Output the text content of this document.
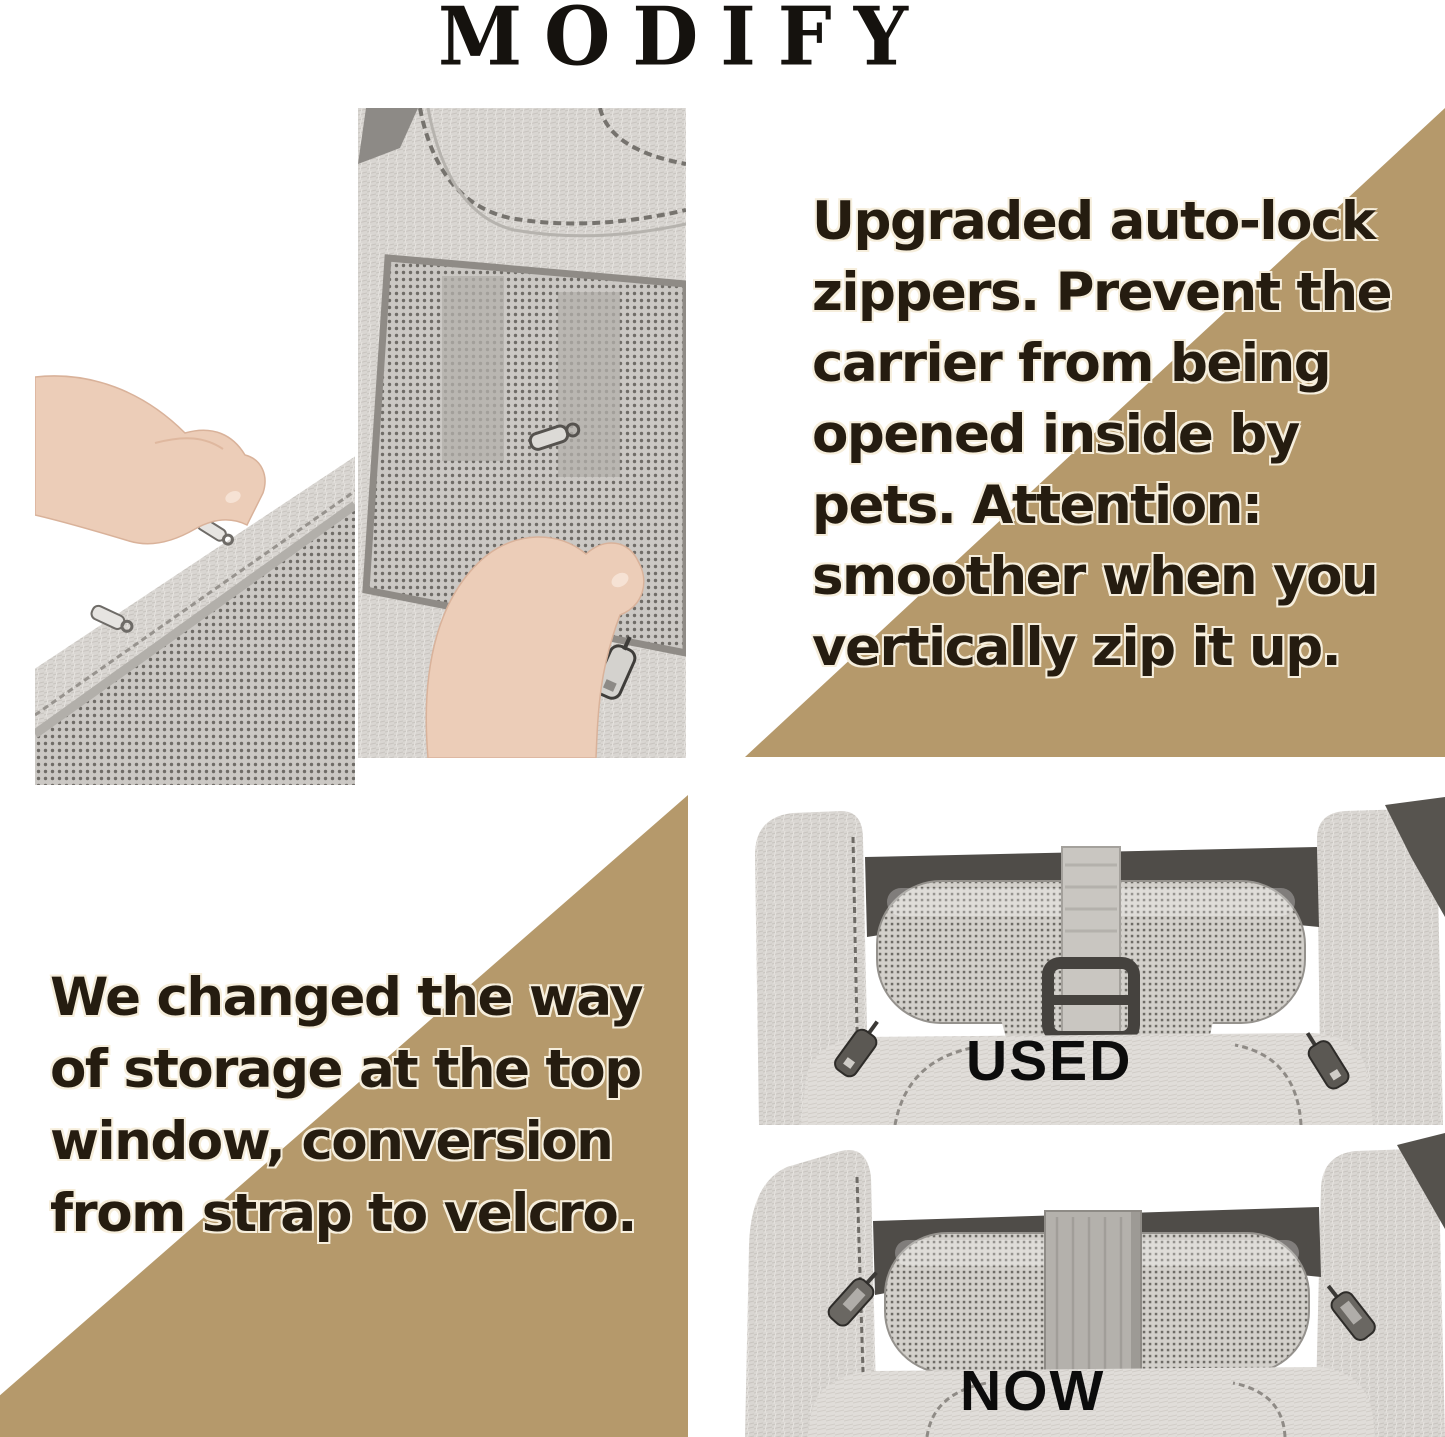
MODIFY
Upgraded auto-lock
zippers. Prevent the
carrier from being
opened inside by
pets. Attention:
smoother when you
vertically zip it up.
We changed the way
of storage at the top
window, conversion
from strap to velcro.
USED
NOW
